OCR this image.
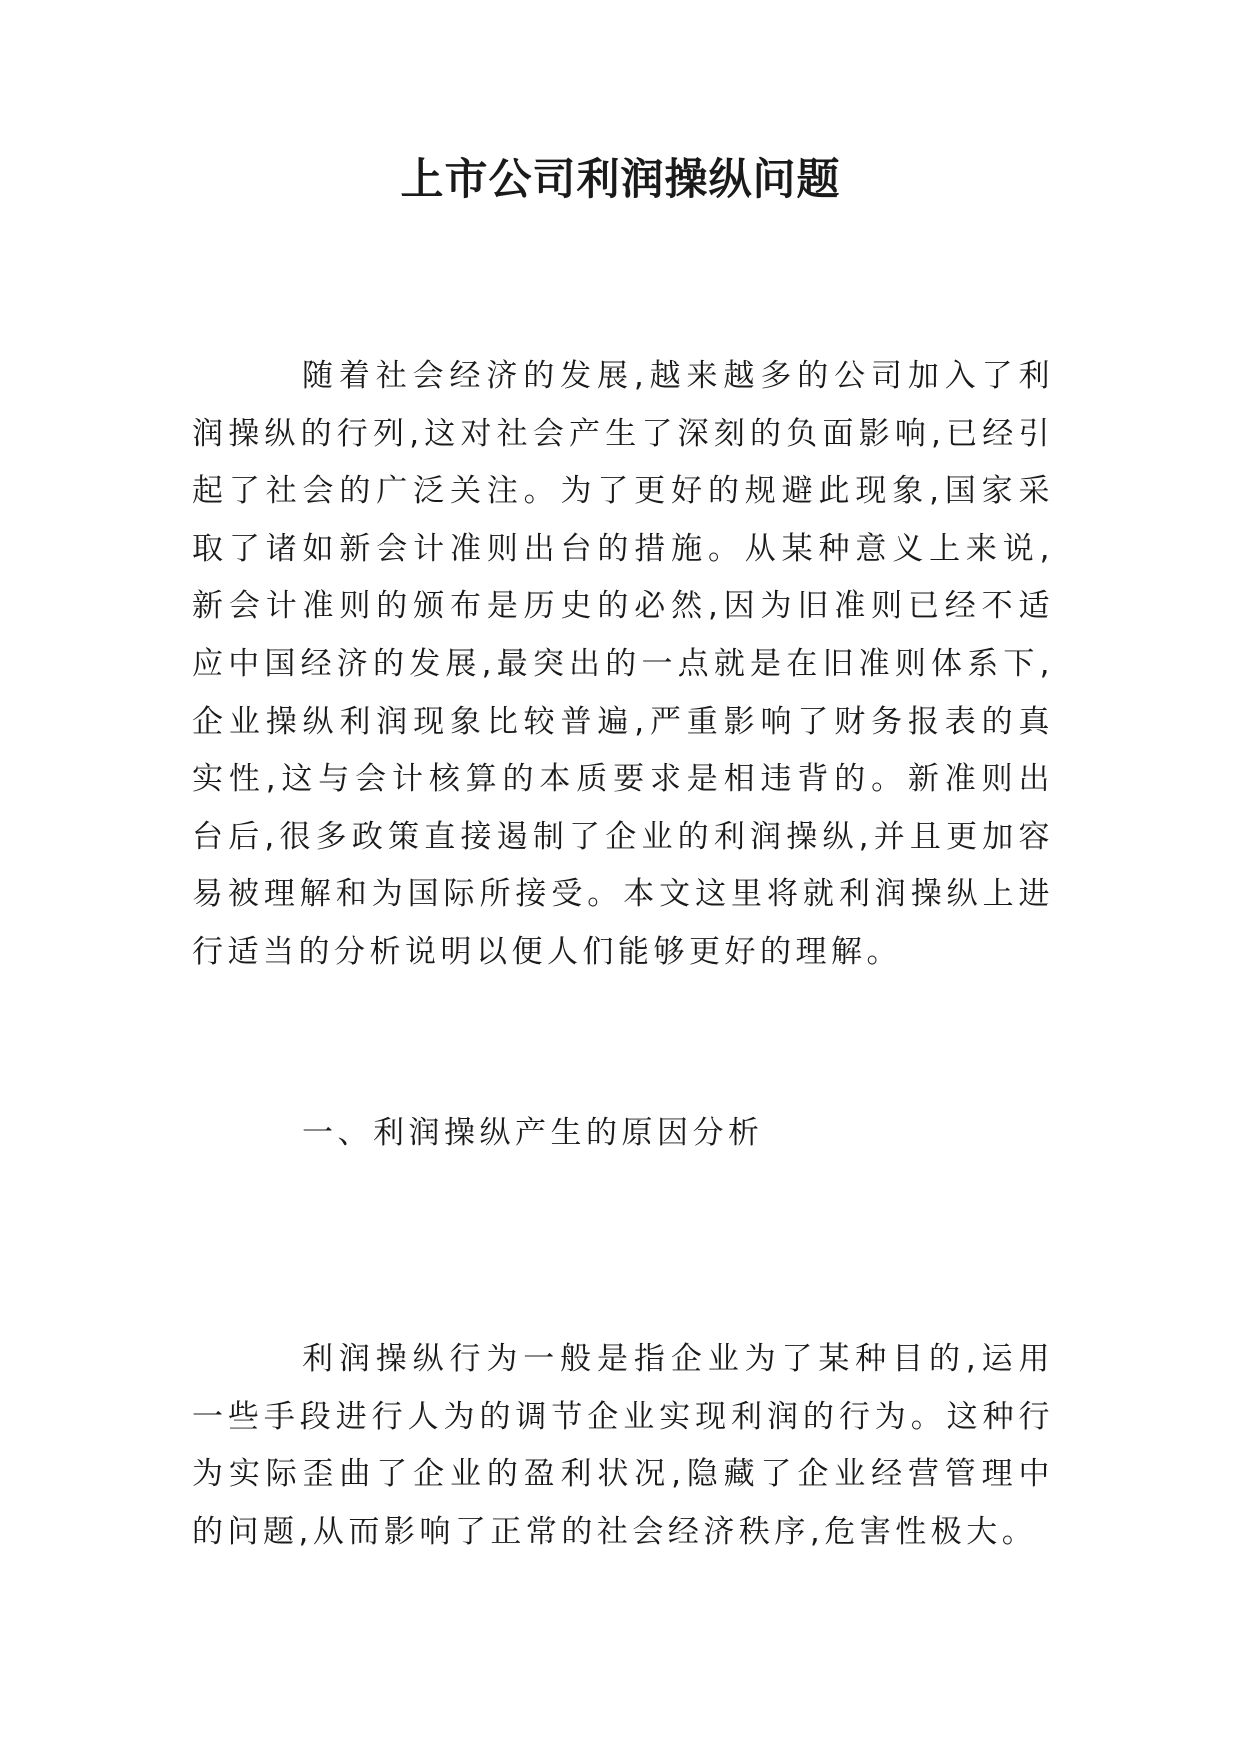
上市公司利润操纵问题

随着社会经济的发展,越来越多的公司加入了利润操纵的行列,这对社会产生了深刻的负面影响,已经引起了社会的广泛关注。为了更好的规避此现象,国家采取了诸如新会计准则出台的措施。从某种意义上来说,新会计准则的颁布是历史的必然,因为旧准则已经不适应中国经济的发展,最突出的一点就是在旧准则体系下,企业操纵利润现象比较普遍,严重影响了财务报表的真实性,这与会计核算的本质要求是相违背的。新准则出台后,很多政策直接遏制了企业的利润操纵,并且更加容易被理解和为国际所接受。本文这里将就利润操纵上进行适当的分析说明以便人们能够更好的理解。

一、利润操纵产生的原因分析

利润操纵行为一般是指企业为了某种目的,运用一些手段进行人为的调节企业实现利润的行为。这种行为实际歪曲了企业的盈利状况,隐藏了企业经营管理中的问题,从而影响了正常的社会经济秩序,危害性极大。
